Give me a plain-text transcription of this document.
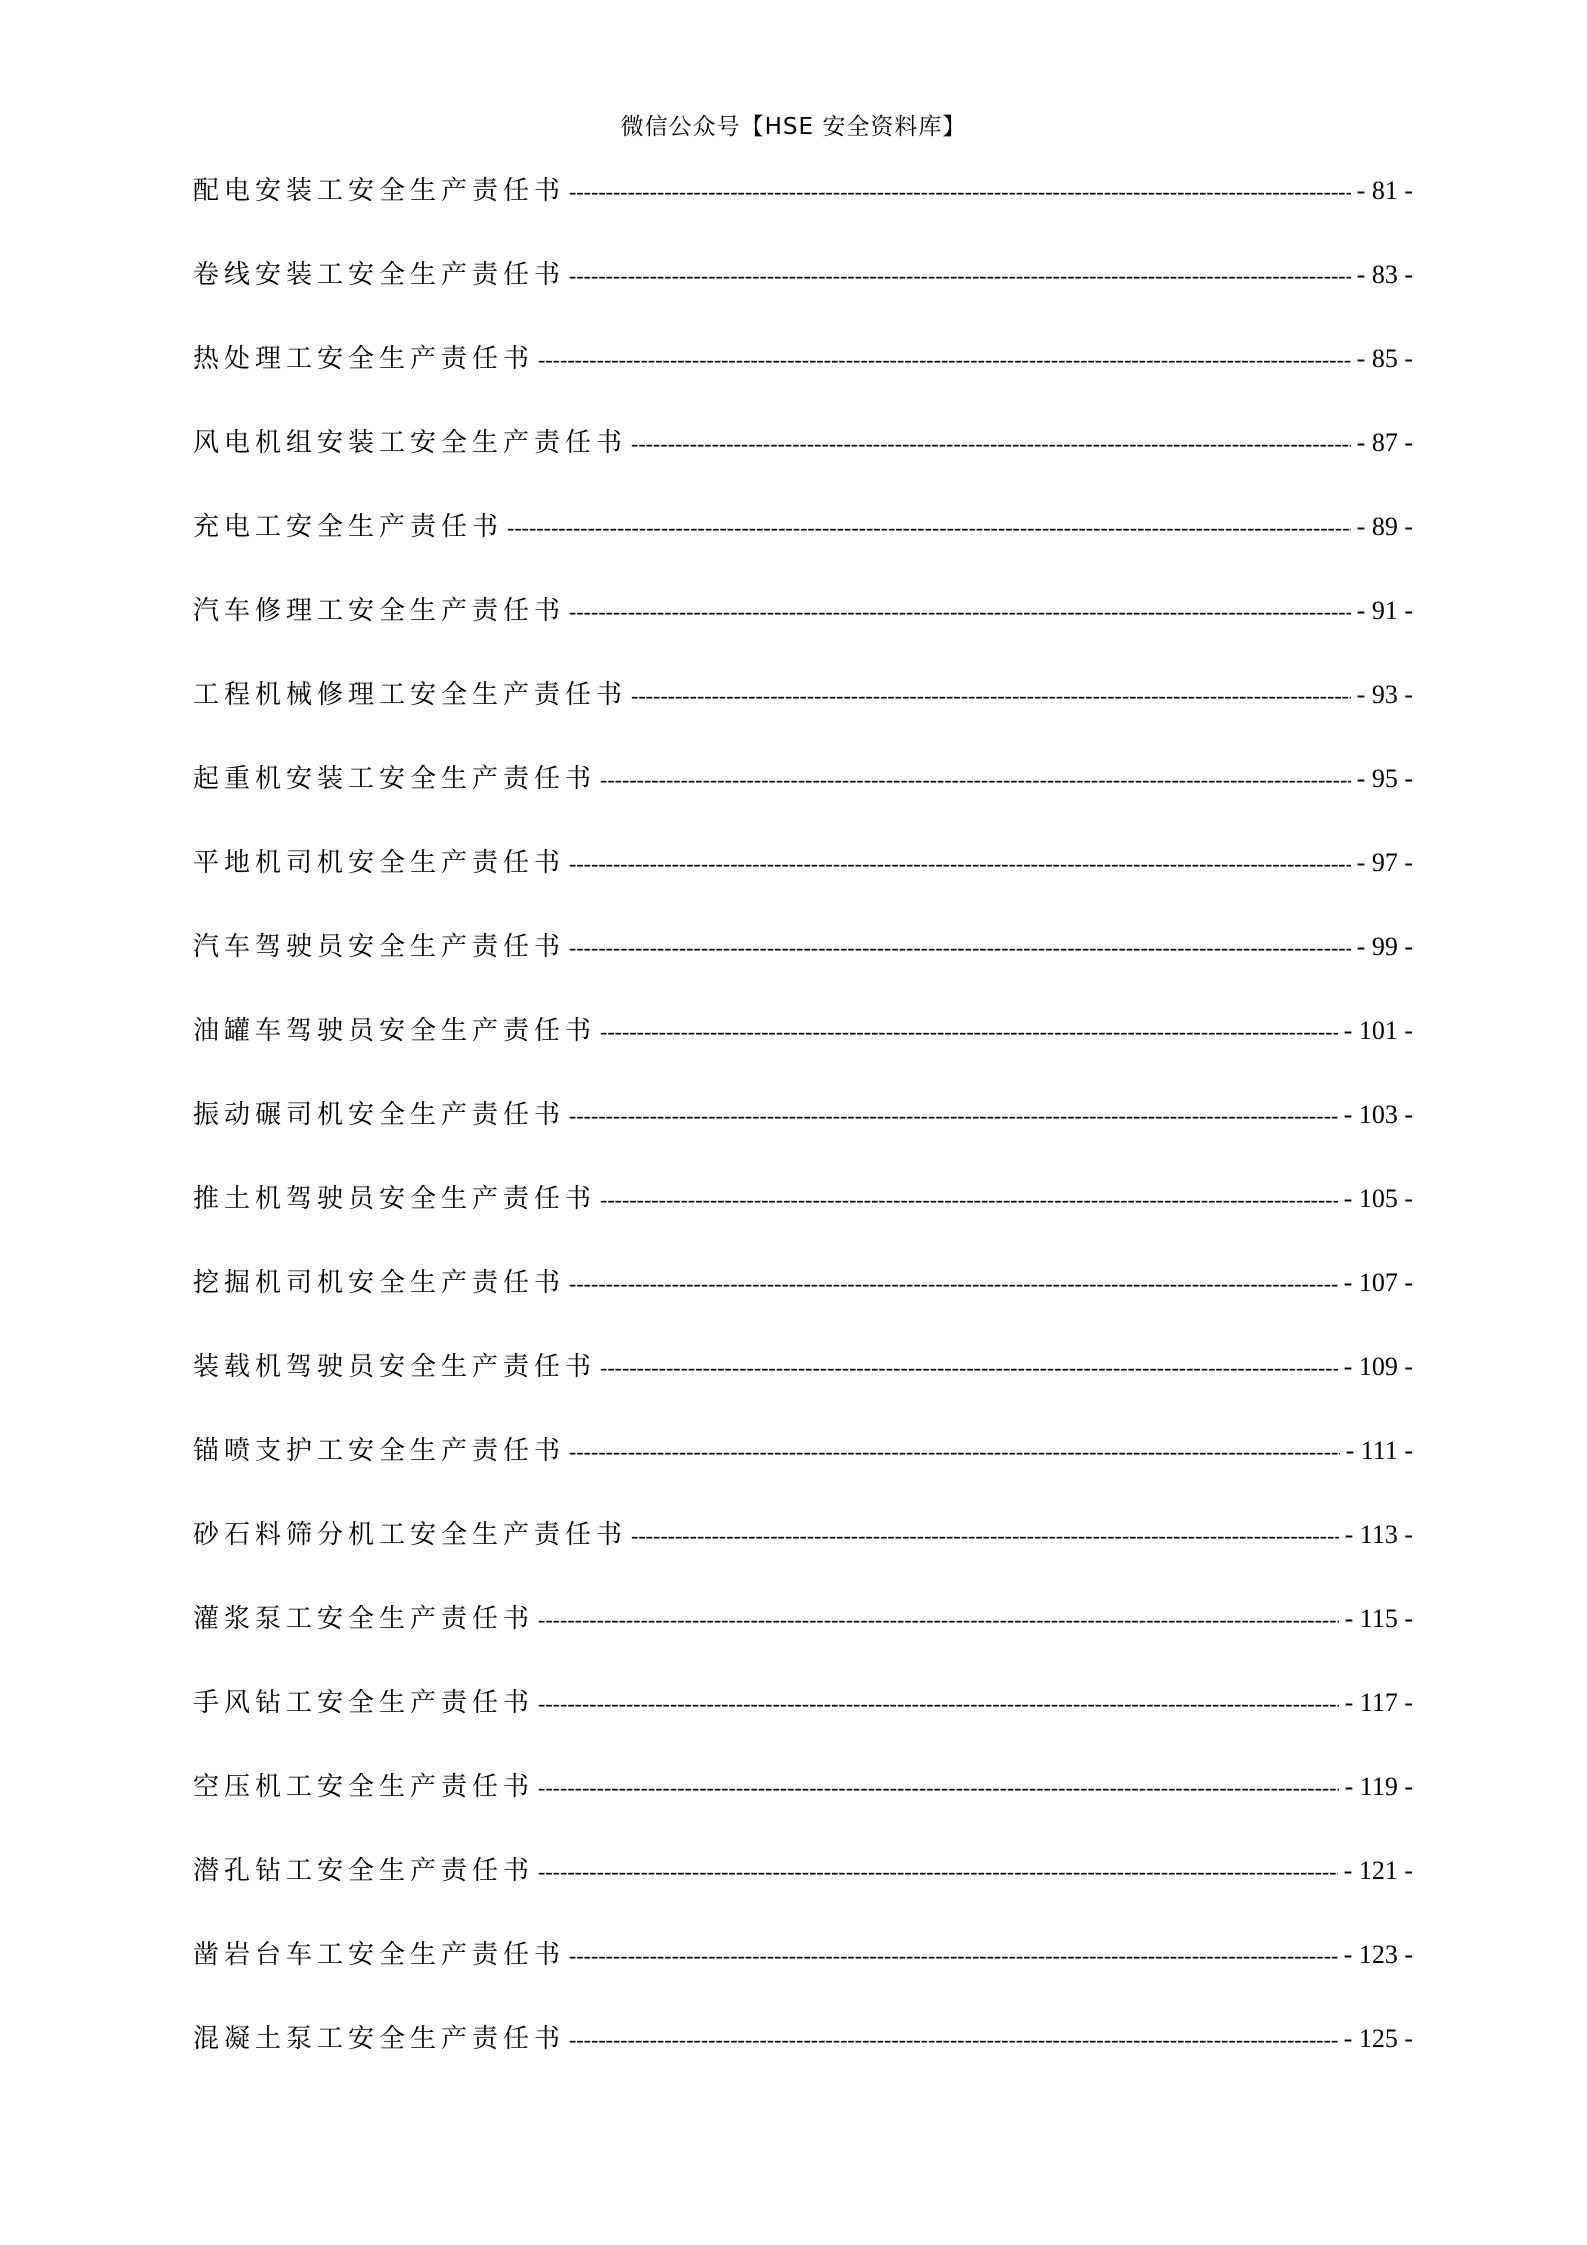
微信公众号【HSE 安全资料库】
配电安装工安全生产责任书 -----	- 81 -
卷线安装工安全生产责任书 -----	- 83 -
热处理工安全生产责任书 -----	- 85 -
风电机组安装工安全生产责任书 -----	- 87 -
充电工安全生产责任书 -----	- 89 -
汽车修理工安全生产责任书 -----	- 91 -
工程机械修理工安全生产责任书 -----	- 93 -
起重机安装工安全生产责任书 -----	- 95 -
平地机司机安全生产责任书 -----	- 97 -
汽车驾驶员安全生产责任书 -----	- 99 -
油罐车驾驶员安全生产责任书 -----	- 101 -
振动碾司机安全生产责任书 -----	- 103 -
推土机驾驶员安全生产责任书 -----	- 105 -
挖掘机司机安全生产责任书 -----	- 107 -
装载机驾驶员安全生产责任书 -----	- 109 -
锚喷支护工安全生产责任书 -----	- 111 -
砂石料筛分机工安全生产责任书 -----	- 113 -
灌浆泵工安全生产责任书 -----	- 115 -
手风钻工安全生产责任书 -----	- 117 -
空压机工安全生产责任书 -----	- 119 -
潜孔钻工安全生产责任书 -----	- 121 -
凿岩台车工安全生产责任书 -----	- 123 -
混凝土泵工安全生产责任书 -----	- 125 -
